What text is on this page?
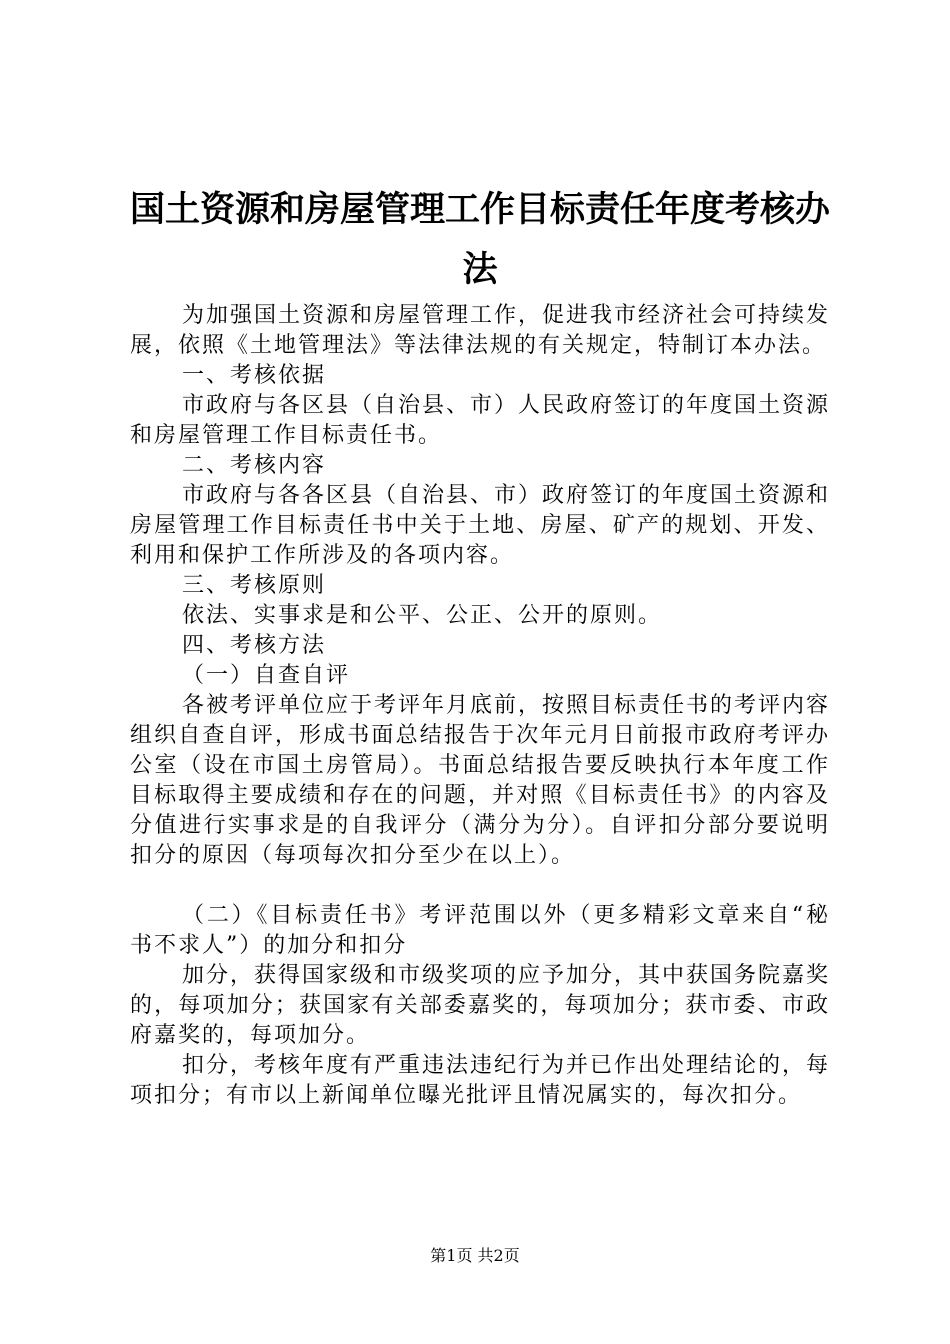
国土资源和房屋管理工作目标责任年度考核办法

为加强国土资源和房屋管理工作，促进我市经济社会可持续发展，依照《土地管理法》等法律法规的有关规定，特制订本办法。

一、考核依据

市政府与各区县（自治县、市）人民政府签订的年度国土资源和房屋管理工作目标责任书。

二、考核内容

市政府与各各区县（自治县、市）政府签订的年度国土资源和房屋管理工作目标责任书中关于土地、房屋、矿产的规划、开发、利用和保护工作所涉及的各项内容。

三、考核原则

依法、实事求是和公平、公正、公开的原则。

四、考核方法

（一）自查自评

各被考评单位应于考评年月底前，按照目标责任书的考评内容组织自查自评，形成书面总结报告于次年元月日前报市政府考评办公室（设在市国土房管局）。书面总结报告要反映执行本年度工作目标取得主要成绩和存在的问题，并对照《目标责任书》的内容及分值进行实事求是的自我评分（满分为分）。自评扣分部分要说明扣分的原因（每项每次扣分至少在以上）。

（二）《目标责任书》考评范围以外（更多精彩文章来自“秘书不求人”）的加分和扣分

加分，获得国家级和市级奖项的应予加分，其中获国务院嘉奖的，每项加分；获国家有关部委嘉奖的，每项加分；获市委、市政府嘉奖的，每项加分。

扣分，考核年度有严重违法违纪行为并已作出处理结论的，每项扣分；有市以上新闻单位曝光批评且情况属实的，每次扣分。

第1页 共2页
